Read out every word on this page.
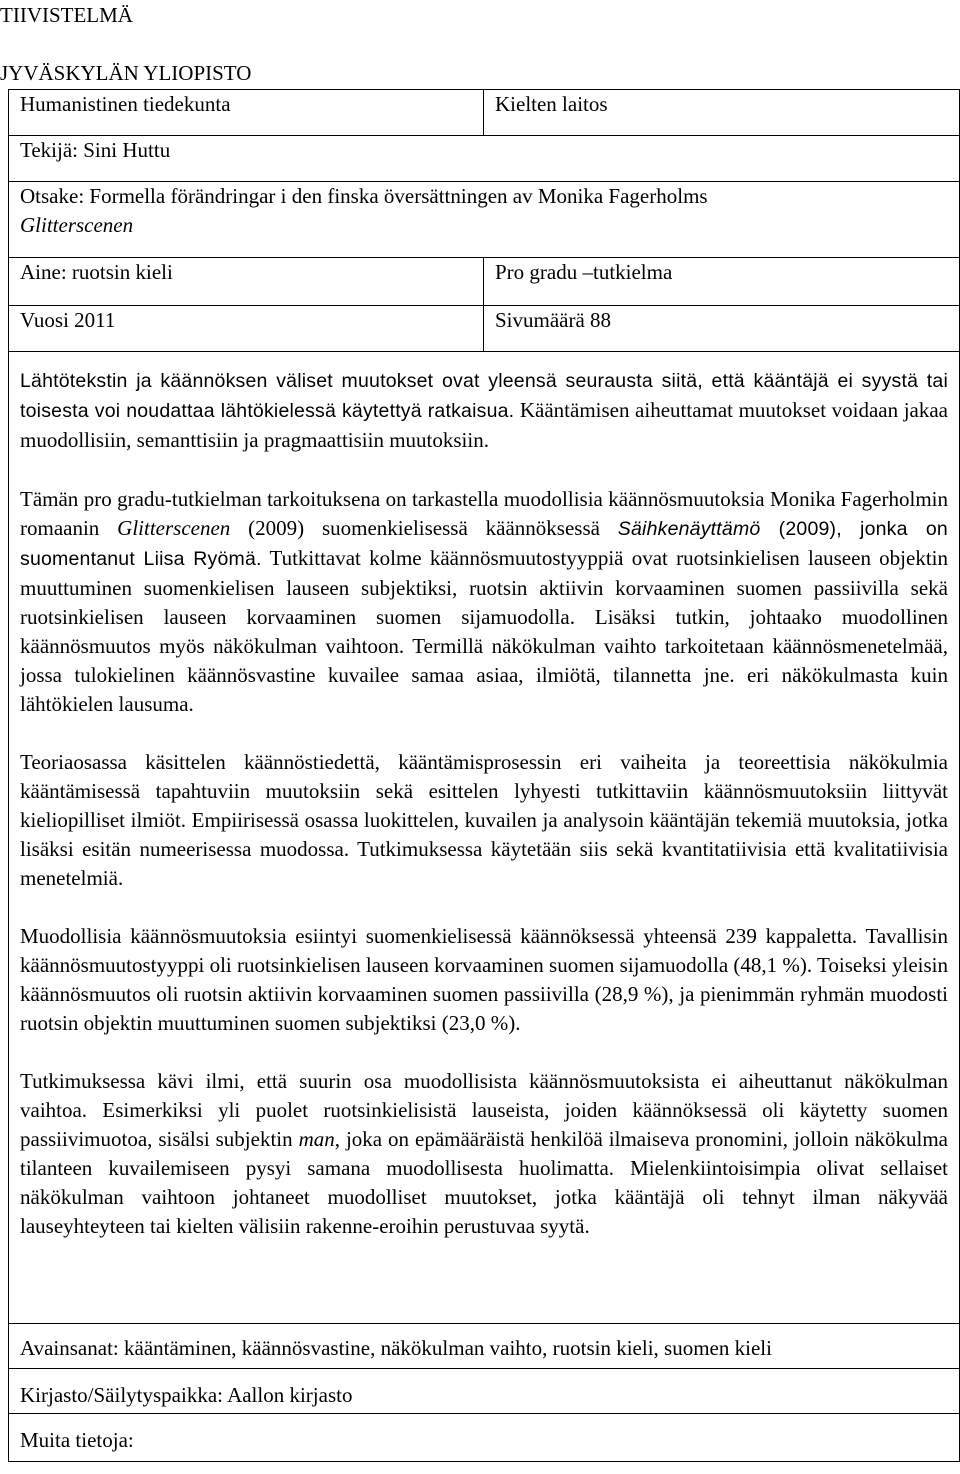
TIIVISTELMÄ
JYVÄSKYLÄN YLIOPISTO
Humanistinen tiedekunta	Kielten laitos
Tekijä: Sini Huttu	

Otsake: Formella förändringar i den finska översättningen av Monika Fagerholms
Glitterscenen	

Aine: ruotsin kieli	Pro gradu –tutkielma
Vuosi 2011	Sivumäärä 88

Lähtötekstin ja käännöksen väliset muutokset ovat yleensä seurausta siitä, että kääntäjä ei syystä tai toisesta voi noudattaa lähtökielessä käytettyä ratkaisua. Kääntämisen aiheuttamat muutokset voidaan jakaa muodollisiin, semanttisiin ja pragmaattisiin muutoksiin.
Tämän pro gradu-tutkielman tarkoituksena on tarkastella muodollisia käännösmuutoksia Monika Fagerholmin romaanin Glitterscenen (2009) suomenkielisessä käännöksessä Säihkenäyttämö (2009), jonka on suomentanut Liisa Ryömä. Tutkittavat kolme käännösmuutostyyppiä ovat ruotsinkielisen lauseen objektin muuttuminen suomenkielisen lauseen subjektiksi, ruotsin aktiivin korvaaminen suomen passiivilla sekä ruotsinkielisen lauseen korvaaminen suomen sijamuodolla. Lisäksi tutkin, johtaako muodollinen käännösmuutos myös näkökulman vaihtoon. Termillä näkökulman vaihto tarkoitetaan käännösmenetelmää, jossa tulokielinen käännösvastine kuvailee samaa asiaa, ilmiötä, tilannetta jne. eri näkökulmasta kuin lähtökielen lausuma.
Teoriaosassa käsittelen käännöstiedettä, kääntämisprosessin eri vaiheita ja teoreettisia näkökulmia kääntämisessä tapahtuviin muutoksiin sekä esittelen lyhyesti tutkittaviin käännösmuutoksiin liittyvät kieliopilliset ilmiöt. Empiirisessä osassa luokittelen, kuvailen ja analysoin kääntäjän tekemiä muutoksia, jotka lisäksi esitän numeerisessa muodossa. Tutkimuksessa käytetään siis sekä kvantitatiivisia että kvalitatiivisia menetelmiä.
Muodollisia käännösmuutoksia esiintyi suomenkielisessä käännöksessä yhteensä 239 kappaletta. Tavallisin käännösmuutostyyppi oli ruotsinkielisen lauseen korvaaminen suomen sijamuodolla (48,1 %). Toiseksi yleisin käännösmuutos oli ruotsin aktiivin korvaaminen suomen passiivilla (28,9 %), ja pienimmän ryhmän muodosti ruotsin objektin muuttuminen suomen subjektiksi (23,0 %).
Tutkimuksessa kävi ilmi, että suurin osa muodollisista käännösmuutoksista ei aiheuttanut näkökulman vaihtoa. Esimerkiksi yli puolet ruotsinkielisistä lauseista, joiden käännöksessä oli käytetty suomen passiivimuotoa, sisälsi subjektin man, joka on epämääräistä henkilöä ilmaiseva pronomini, jolloin näkökulma tilanteen kuvailemiseen pysyi samana muodollisesta huolimatta. Mielenkiintoisimpia olivat sellaiset näkökulman vaihtoon johtaneet muodolliset muutokset, jotka kääntäjä oli tehnyt ilman näkyvää lauseyhteyteen tai kielten välisiin rakenne-eroihin perustuvaa syytä.	

Avainsanat: kääntäminen, käännösvastine, näkökulman vaihto, ruotsin kieli, suomen kieli	
Kirjasto/Säilytyspaikka: Aallon kirjasto	
Muita tietoja:	
